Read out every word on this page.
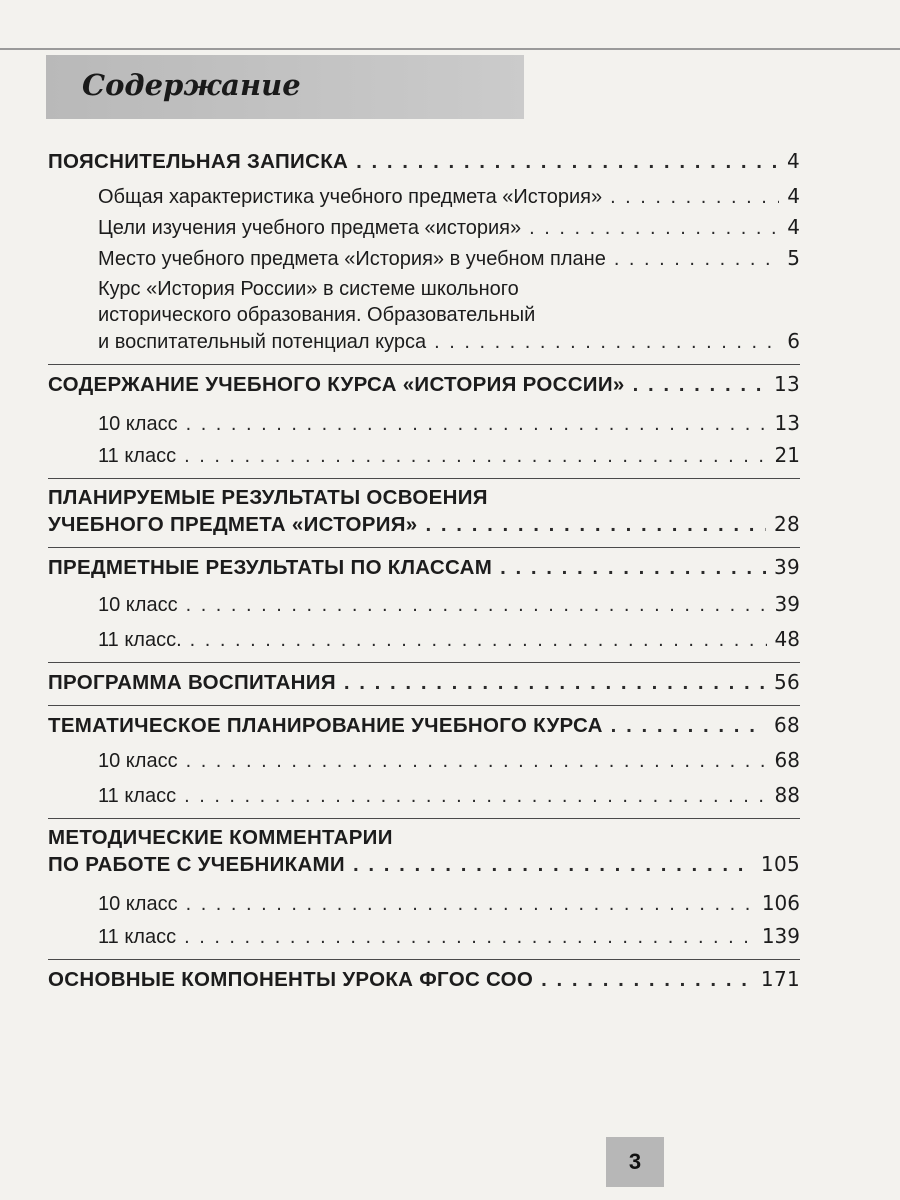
Содержание
ПОЯСНИТЕЛЬНАЯ ЗАПИСКА . . .	4
Общая характеристика учебного предмета «История» . . .	4
Цели изучения учебного предмета «история» . . .	4
Место учебного предмета «История» в учебном плане . . .	5
Курс «История России» в системе школьного
исторического образования. Образовательный
и воспитательный потенциал курса . . .	6
СОДЕРЖАНИЕ УЧЕБНОГО КУРСА «ИСТОРИЯ РОССИИ» . . .	13
10 класс . . .	13
11 класс . . .	21
ПЛАНИРУЕМЫЕ РЕЗУЛЬТАТЫ ОСВОЕНИЯ
УЧЕБНОГО ПРЕДМЕТА «ИСТОРИЯ» . . .	28
ПРЕДМЕТНЫЕ РЕЗУЛЬТАТЫ ПО КЛАССАМ . . .	39
10 класс . . .	39
11 класс. . . .	48
ПРОГРАММА ВОСПИТАНИЯ . . .	56
ТЕМАТИЧЕСКОЕ ПЛАНИРОВАНИЕ УЧЕБНОГО КУРСА . . .	68
10 класс . . .	68
11 класс . . .	88
МЕТОДИЧЕСКИЕ КОММЕНТАРИИ
ПО РАБОТЕ С УЧЕБНИКАМИ . . .	105
10 класс . . .	106
11 класс . . .	139
ОСНОВНЫЕ КОМПОНЕНТЫ УРОКА ФГОС СОО . . .	171
3
